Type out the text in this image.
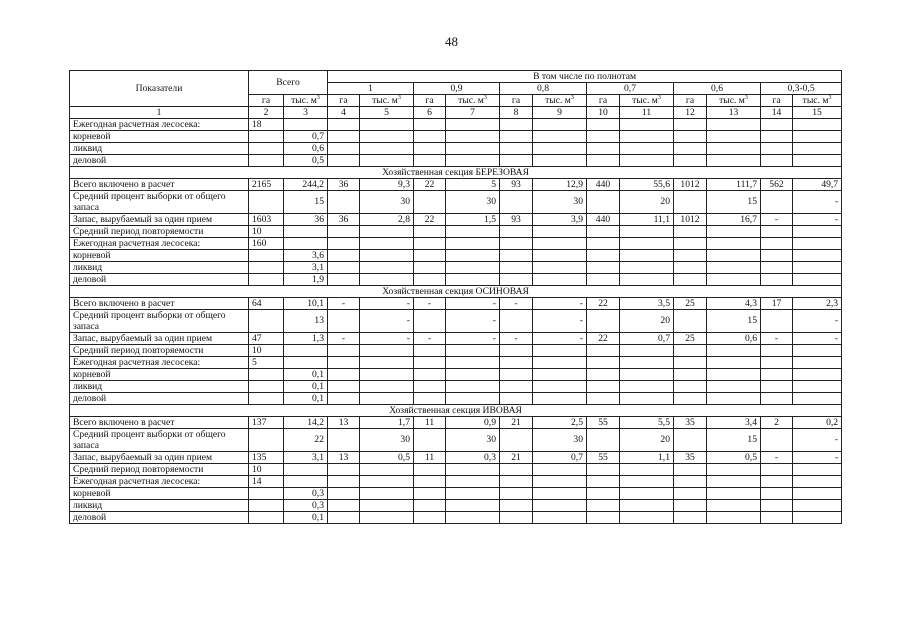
48
Показатели	Всего		В том числе по полнотам											
			1		0,9		0,8		0,7		0,6		0,3-0,5	
	га	тыс. $м^3$	га	тыс. $м^3$	га	тыс. $м^3$	га	тыс. $м^3$	га	тыс. $м^3$	га	тыс. $м^3$	га	тыс. $м^3$
1	2	3	4	5	6	7	8	9	10	11	12	13	14	15
Ежегодная расчетная лесосека:	18													
корневой		0,7												
ликвид		0,6												
деловой		0,5												
Хозяйственная секция БЕРЕЗОВАЯ														
Всего включено в расчет	2165	244,2	36	9,3	22	5	93	12,9	440	55,6	1012	111,7	562	49,7
Средний процент выборки от общего запаса		15		30		30		30		20		15		-
Запас, вырубаемый за один прием	1603	36	36	2,8	22	1,5	93	3,9	440	11,1	1012	16,7	-	-
Средний период повторяемости	10													
Ежегодная расчетная лесосека:	160													
корневой		3,6												
ликвид		3,1												
деловой		1,9												
Хозяйственная секция ОСИНОВАЯ														
Всего включено в расчет	64	10,1	-	-	-	-	-	-	22	3,5	25	4,3	17	2,3
Средний процент выборки от общего запаса		13		-		-		-		20		15		-
Запас, вырубаемый за один прием	47	1,3	-	-	-	-	-	-	22	0,7	25	0,6	-	-
Средний период повторяемости	10													
Ежегодная расчетная лесосека:	5													
корневой		0,1												
ликвид		0,1												
деловой		0,1												
Хозяйственная секция ИВОВАЯ														
Всего включено в расчет	137	14,2	13	1,7	11	0,9	21	2,5	55	5,5	35	3,4	2	0,2
Средний процент выборки от общего запаса		22		30		30		30		20		15		-
Запас, вырубаемый за один прием	135	3,1	13	0,5	11	0,3	21	0,7	55	1,1	35	0,5	-	-
Средний период повторяемости	10													
Ежегодная расчетная лесосека:	14													
корневой		0,3												
ликвид		0,3												
деловой		0,1												
